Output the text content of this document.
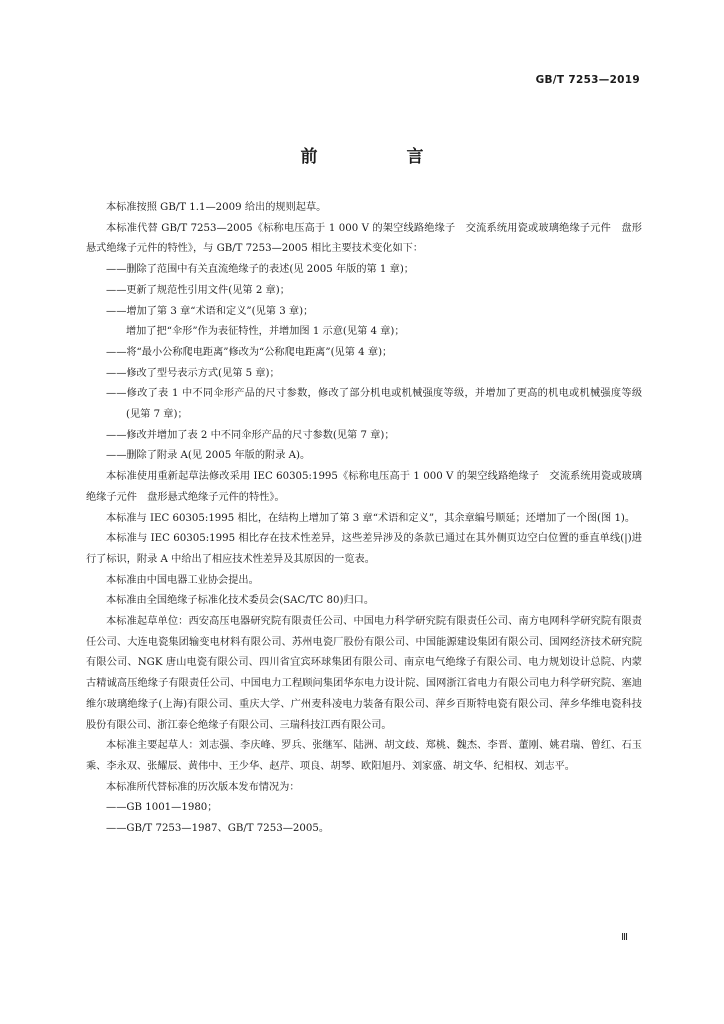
GB/T 7253—2019
前　言

本标准按照 GB/T 1.1—2009 给出的规则起草。

本标准代替 GB/T 7253—2005《标称电压高于 1 000 V 的架空线路绝缘子　交流系统用瓷或玻璃绝缘子元件　盘形悬式绝缘子元件的特性》，与 GB/T 7253—2005 相比主要技术变化如下：

——删除了范围中有关直流绝缘子的表述(见 2005 年版的第 1 章)；

——更新了规范性引用文件(见第 2 章)；

——增加了第 3 章“术语和定义”(见第 3 章)；

增加了把“伞形”作为表征特性，并增加图 1 示意(见第 4 章)；

——将“最小公称爬电距离”修改为“公称爬电距离”(见第 4 章)；

——修改了型号表示方式(见第 5 章)；

——修改了表 1 中不同伞形产品的尺寸参数，修改了部分机电或机械强度等级，并增加了更高的机电或机械强度等级(见第 7 章)；

——修改并增加了表 2 中不同伞形产品的尺寸参数(见第 7 章)；

——删除了附录 A(见 2005 年版的附录 A)。

本标准使用重新起草法修改采用 IEC 60305:1995《标称电压高于 1 000 V 的架空线路绝缘子　交流系统用瓷或玻璃绝缘子元件　盘形悬式绝缘子元件的特性》。

本标准与 IEC 60305:1995 相比，在结构上增加了第 3 章“术语和定义”，其余章编号顺延；还增加了一个图(图 1)。

本标准与 IEC 60305:1995 相比存在技术性差异，这些差异涉及的条款已通过在其外侧页边空白位置的垂直单线(|)进行了标识，附录 A 中给出了相应技术性差异及其原因的一览表。

本标准由中国电器工业协会提出。

本标准由全国绝缘子标准化技术委员会(SAC/TC 80)归口。

本标准起草单位：西安高压电器研究院有限责任公司、中国电力科学研究院有限责任公司、南方电网科学研究院有限责任公司、大连电瓷集团输变电材料有限公司、苏州电瓷厂股份有限公司、中国能源建设集团有限公司、国网经济技术研究院有限公司、NGK 唐山电瓷有限公司、四川省宜宾环球集团有限公司、南京电气绝缘子有限公司、电力规划设计总院、内蒙古精诚高压绝缘子有限责任公司、中国电力工程顾问集团华东电力设计院、国网浙江省电力有限公司电力科学研究院、塞迪维尔玻璃绝缘子(上海)有限公司、重庆大学、广州麦科凌电力装备有限公司、萍乡百斯特电瓷有限公司、萍乡华维电瓷科技股份有限公司、浙江泰仑绝缘子有限公司、三瑞科技江西有限公司。

本标准主要起草人：刘志强、李庆峰、罗兵、张继军、陆洲、胡文歧、郑桃、魏杰、李晋、董刚、姚君瑞、曾红、石玉乘、李永双、张耀辰、黄伟中、王少华、赵芹、项良、胡琴、欧阳旭丹、刘家盛、胡文华、纪相权、刘志平。

本标准所代替标准的历次版本发布情况为：

——GB 1001—1980；

——GB/T 7253—1987、GB/T 7253—2005。

Ⅲ
